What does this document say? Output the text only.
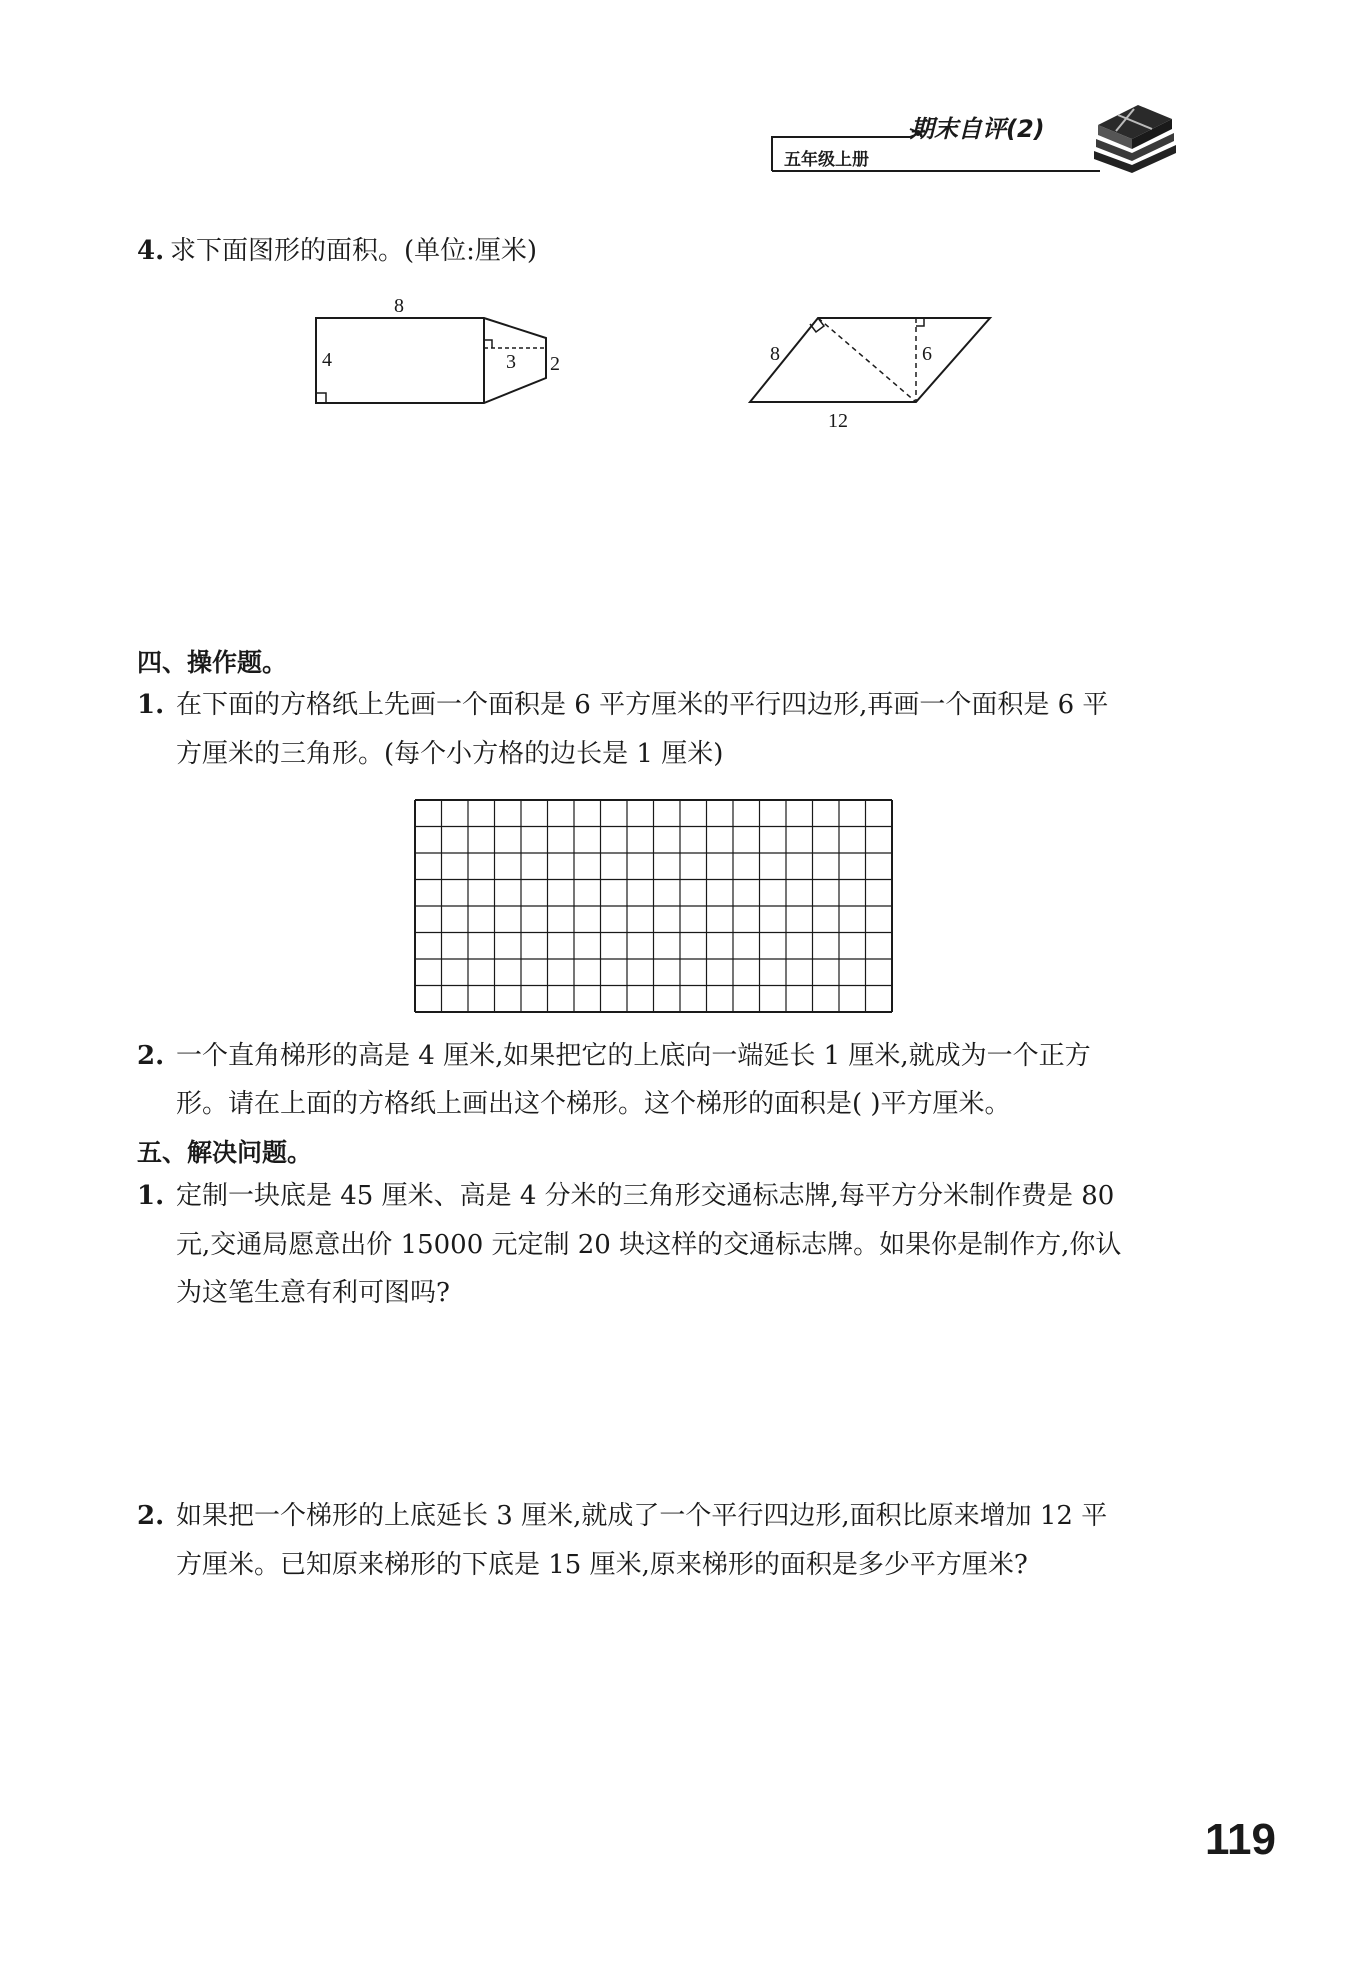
五年级上册
期末自评(2)
4. 求下面图形的面积。(单位:厘米)
8
4	3 2	8	6
12
四、操作题。
1. 在下面的方格纸上先画一个面积是 6 平方厘米的平行四边形,再画一个面积是 6 平
方厘米的三角形。(每个小方格的边长是 1 厘米)
2. 一个直角梯形的高是 4 厘米,如果把它的上底向一端延长 1 厘米,就成为一个正方
形。请在上面的方格纸上画出这个梯形。这个梯形的面积是( )平方厘米。
五、解决问题。
1. 定制一块底是 45 厘米、高是 4 分米的三角形交通标志牌,每平方分米制作费是 80
元,交通局愿意出价 15000 元定制 20 块这样的交通标志牌。如果你是制作方,你认
为这笔生意有利可图吗?
2. 如果把一个梯形的上底延长 3 厘米,就成了一个平行四边形,面积比原来增加 12 平
方厘米。已知原来梯形的下底是 15 厘米,原来梯形的面积是多少平方厘米?
119
